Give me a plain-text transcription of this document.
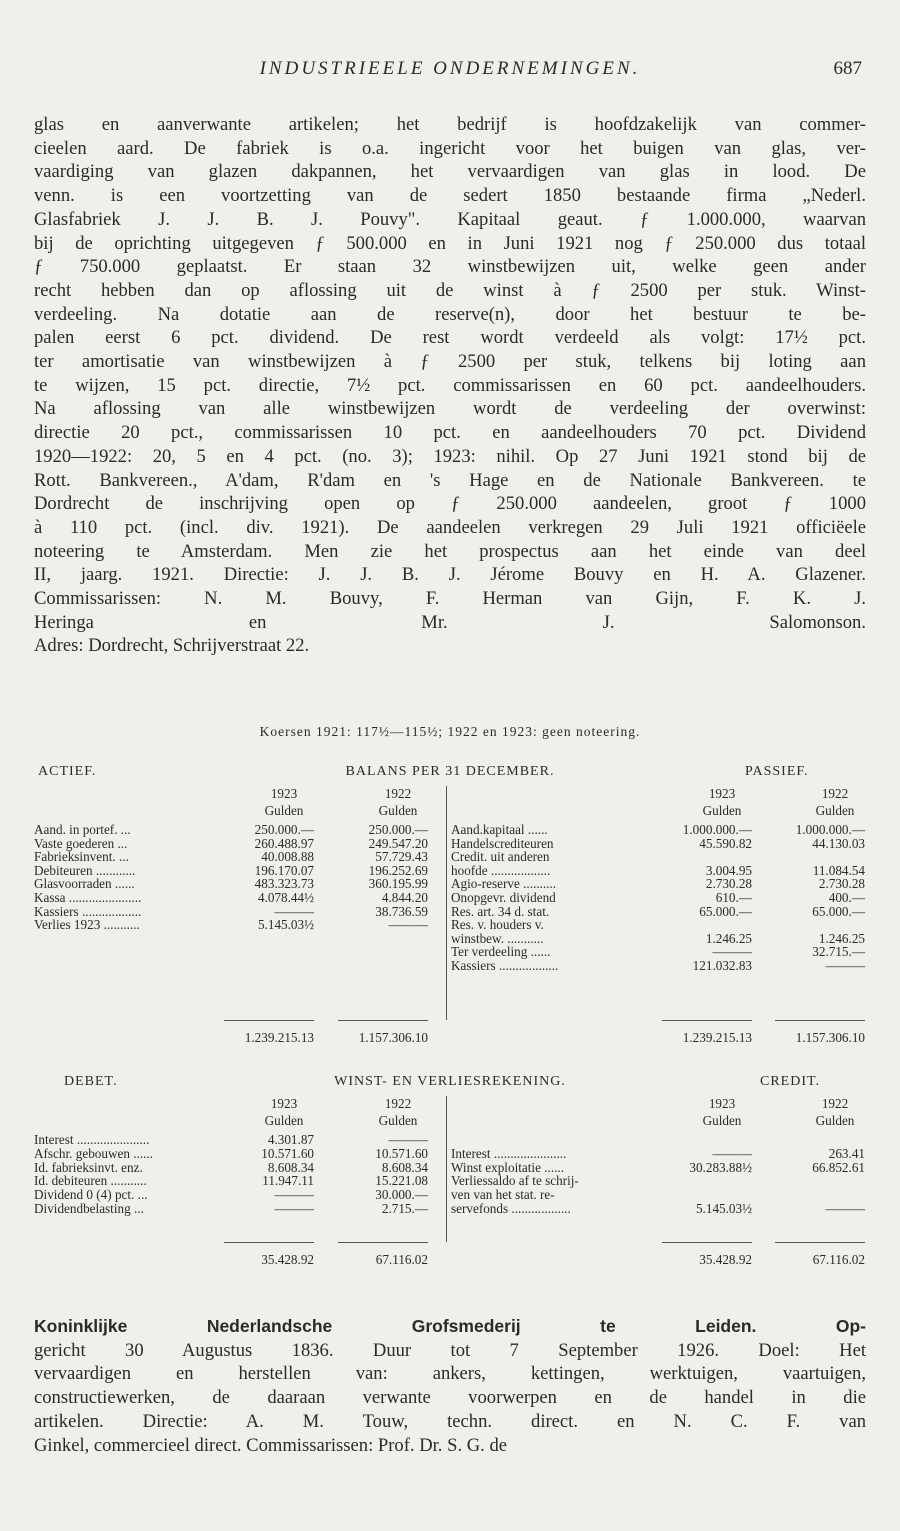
INDUSTRIEELE ONDERNEMINGEN.	687
glas en aanverwante artikelen; het bedrijf is hoofdzakelijk van commer-
cieelen aard. De fabriek is o.a. ingericht voor het buigen van glas, ver-
vaardiging van glazen dakpannen, het vervaardigen van glas in lood. De
venn. is een voortzetting van de sedert 1850 bestaande firma „Nederl.
Glasfabriek J. J. B. J. Pouvy". Kapitaal geaut. ƒ 1.000.000, waarvan
bij de oprichting uitgegeven ƒ 500.000 en in Juni 1921 nog ƒ 250.000 dus totaal
ƒ 750.000 geplaatst. Er staan 32 winstbewijzen uit, welke geen ander
recht hebben dan op aflossing uit de winst à ƒ 2500 per stuk. Winst-
verdeeling. Na dotatie aan de reserve(n), door het bestuur te be-
palen eerst 6 pct. dividend. De rest wordt verdeeld als volgt: 17½ pct.
ter amortisatie van winstbewijzen à ƒ 2500 per stuk, telkens bij loting aan
te wijzen, 15 pct. directie, 7½ pct. commissarissen en 60 pct. aandeelhouders.
Na aflossing van alle winstbewijzen wordt de verdeeling der overwinst:
directie 20 pct., commissarissen 10 pct. en aandeelhouders 70 pct. Dividend
1920—1922: 20, 5 en 4 pct. (no. 3); 1923: nihil. Op 27 Juni 1921 stond bij de
Rott. Bankvereen., A'dam, R'dam en 's Hage en de Nationale Bankvereen. te
Dordrecht de inschrijving open op ƒ 250.000 aandeelen, groot ƒ 1000
à 110 pct. (incl. div. 1921). De aandeelen verkregen 29 Juli 1921 officiëele
noteering te Amsterdam. Men zie het prospectus aan het einde van deel
II, jaarg. 1921. Directie: J. J. B. J. Jérome Bouvy en H. A. Glazener.
Commissarissen: N. M. Bouvy, F. Herman van Gijn, F. K. J.
Heringa en Mr. J. Salomonson.
Adres: Dordrecht, Schrijverstraat 22.
Koersen 1921: 117½—115½; 1922 en 1923: geen noteering.
ACTIEF.	BALANS PER 31 DECEMBER.	PASSIEF.
1923
Gulden
1922
Gulden
1923
Gulden
1922
Gulden
Aand. in portef. ...	250.000.—	250.000.—
Vaste goederen ...	260.488.97	249.547.20
Fabrieksinvent. ...	40.008.88	57.729.43
Debiteuren ............	196.170.07	196.252.69
Glasvoorraden ......	483.323.73	360.195.99
Kassa ......................	4.078.44½	4.844.20
Kassiers ..................	———	38.736.59
Verlies 1923 ...........	5.145.03½	———
Aand.kapitaal ......	1.000.000.—	1.000.000.—
Handelscrediteuren	45.590.82	44.130.03
Credit. uit anderen
hoofde ..................	3.004.95	11.084.54
Agio-reserve ..........	2.730.28	2.730.28
Onopgevr. dividend	610.—	400.—
Res. art. 34 d. stat.	65.000.—	65.000.—
Res. v. houders v.
winstbew. ...........	1.246.25	1.246.25
Ter verdeeling ......	———	32.715.—
Kassiers ..................	121.032.83	———
1.239.215.13	1.157.306.10	1.239.215.13	1.157.306.10
DEBET.	WINST- EN VERLIESREKENING.	CREDIT.
1923
Gulden
1922
Gulden
1923
Gulden
1922
Gulden
Interest ......................	4.301.87	———
Afschr. gebouwen ......	10.571.60	10.571.60
Id. fabrieksinvt. enz.	8.608.34	8.608.34
Id. debiteuren ...........	11.947.11	15.221.08
Dividend 0 (4) pct. ...	———	30.000.—
Dividendbelasting ...	———	2.715.—
Interest ......................	———	263.41
Winst exploitatie ......	30.283.88½	66.852.61
Verliessaldo af te schrij-
ven van het stat. re-
servefonds ..................	5.145.03½	———
35.428.92	67.116.02	35.428.92	67.116.02
Koninklijke Nederlandsche Grofsmederij te Leiden. Op-
gericht 30 Augustus 1836. Duur tot 7 September 1926. Doel: Het
vervaardigen en herstellen van: ankers, kettingen, werktuigen, vaartuigen,
constructiewerken, de daaraan verwante voorwerpen en de handel in die
artikelen. Directie: A. M. Touw, techn. direct. en N. C. F. van
Ginkel, commercieel direct. Commissarissen: Prof. Dr. S. G. de
